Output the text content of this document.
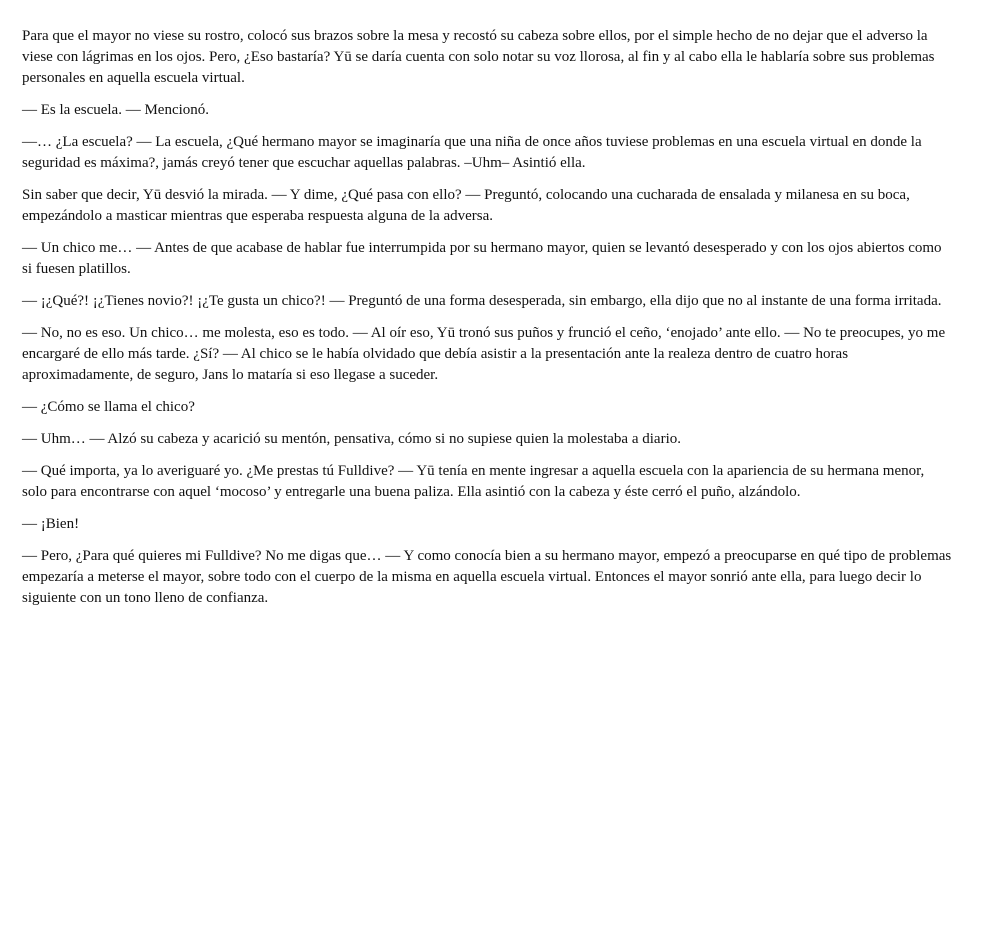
Para que el mayor no viese su rostro, colocó sus brazos sobre la mesa y recostó su cabeza sobre ellos, por el simple hecho de no dejar que el adverso la viese con lágrimas en los ojos. Pero, ¿Eso bastaría? Yū se daría cuenta con solo notar su voz llorosa, al fin y al cabo ella le hablaría sobre sus problemas personales en aquella escuela virtual.

— Es la escuela. — Mencionó.

—… ¿La escuela? — La escuela, ¿Qué hermano mayor se imaginaría que una niña de once años tuviese problemas en una escuela virtual en donde la seguridad es máxima?, jamás creyó tener que escuchar aquellas palabras. –Uhm– Asintió ella.

Sin saber que decir, Yū desvió la mirada. — Y dime, ¿Qué pasa con ello? — Preguntó, colocando una cucharada de ensalada y milanesa en su boca, empezándolo a masticar mientras que esperaba respuesta alguna de la adversa.

— Un chico me… — Antes de que acabase de hablar fue interrumpida por su hermano mayor, quien se levantó desesperado y con los ojos abiertos como si fuesen platillos.

— ¡¿Qué?! ¡¿Tienes novio?! ¡¿Te gusta un chico?! — Preguntó de una forma desesperada, sin embargo, ella dijo que no al instante de una forma irritada.

— No, no es eso. Un chico… me molesta, eso es todo. — Al oír eso, Yū tronó sus puños y frunció el ceño, ‘enojado’ ante ello. — No te preocupes, yo me encargaré de ello más tarde. ¿Sí? — Al chico se le había olvidado que debía asistir a la presentación ante la realeza dentro de cuatro horas aproximadamente, de seguro, Jans lo mataría si eso llegase a suceder.

— ¿Cómo se llama el chico?

— Uhm… — Alzó su cabeza y acarició su mentón, pensativa, cómo si no supiese quien la molestaba a diario.

— Qué importa, ya lo averiguaré yo. ¿Me prestas tú Fulldive? — Yū tenía en mente ingresar a aquella escuela con la apariencia de su hermana menor, solo para encontrarse con aquel ‘mocoso’ y entregarle una buena paliza. Ella asintió con la cabeza y éste cerró el puño, alzándolo.

— ¡Bien!

— Pero, ¿Para qué quieres mi Fulldive? No me digas que… — Y como conocía bien a su hermano mayor, empezó a preocuparse en qué tipo de problemas empezaría a meterse el mayor, sobre todo con el cuerpo de la misma en aquella escuela virtual. Entonces el mayor sonrió ante ella, para luego decir lo siguiente con un tono lleno de confianza.
